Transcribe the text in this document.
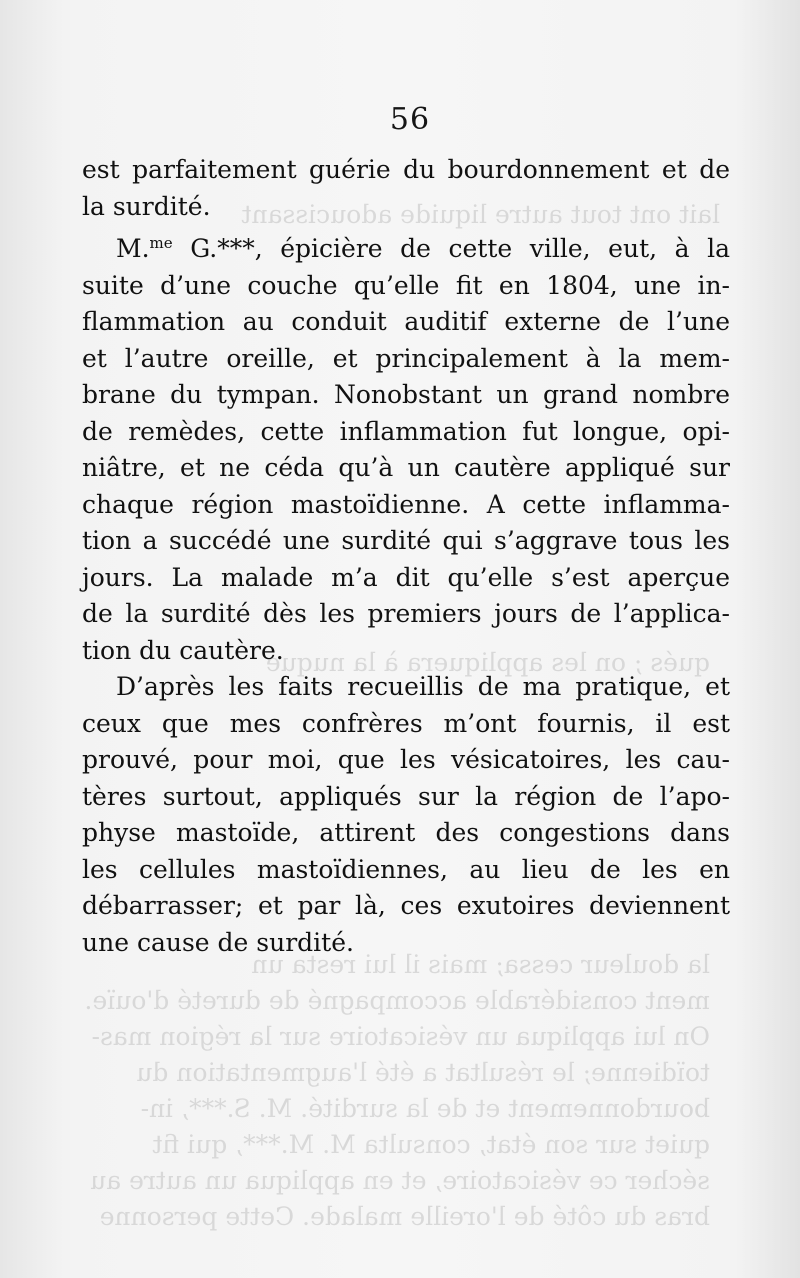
lait ont tout autre liquide adoucissant
qués ; on les appliquera à la nuque
la douleur cessa; mais il lui resta un
ment considérable accompagné de dureté d'ouïe.
On lui appliqua un vésicatoire sur la région mas-
toïdienne; le résultat a été l'augmentation du
bourdonnement et de la surdité. M. S.***, in-
quiet sur son état, consulta M. M.***, qui fit
sécher ce vésicatoire, et en appliqua un autre au
bras du côté de l'oreille malade. Cette personne
56

est parfaitement guérie du bourdonnement et de
la surdité.

M.$^{me}$ G.***, épicière de cette ville, eut, à la
suite d’une couche qu’elle fit en 1804, une in-
flammation au conduit auditif externe de l’une
et l’autre oreille, et principalement à la mem-
brane du tympan. Nonobstant un grand nombre
de remèdes, cette inflammation fut longue, opi-
niâtre, et ne céda qu’à un cautère appliqué sur
chaque région mastoïdienne. A cette inflamma-
tion a succédé une surdité qui s’aggrave tous les
jours. La malade m’a dit qu’elle s’est aperçue
de la surdité dès les premiers jours de l’applica-
tion du cautère.

D’après les faits recueillis de ma pratique, et
ceux que mes confrères m’ont fournis, il est
prouvé, pour moi, que les vésicatoires, les cau-
tères surtout, appliqués sur la région de l’apo-
physe mastoïde, attirent des congestions dans
les cellules mastoïdiennes, au lieu de les en
débarrasser; et par là, ces exutoires deviennent
une cause de surdité.
